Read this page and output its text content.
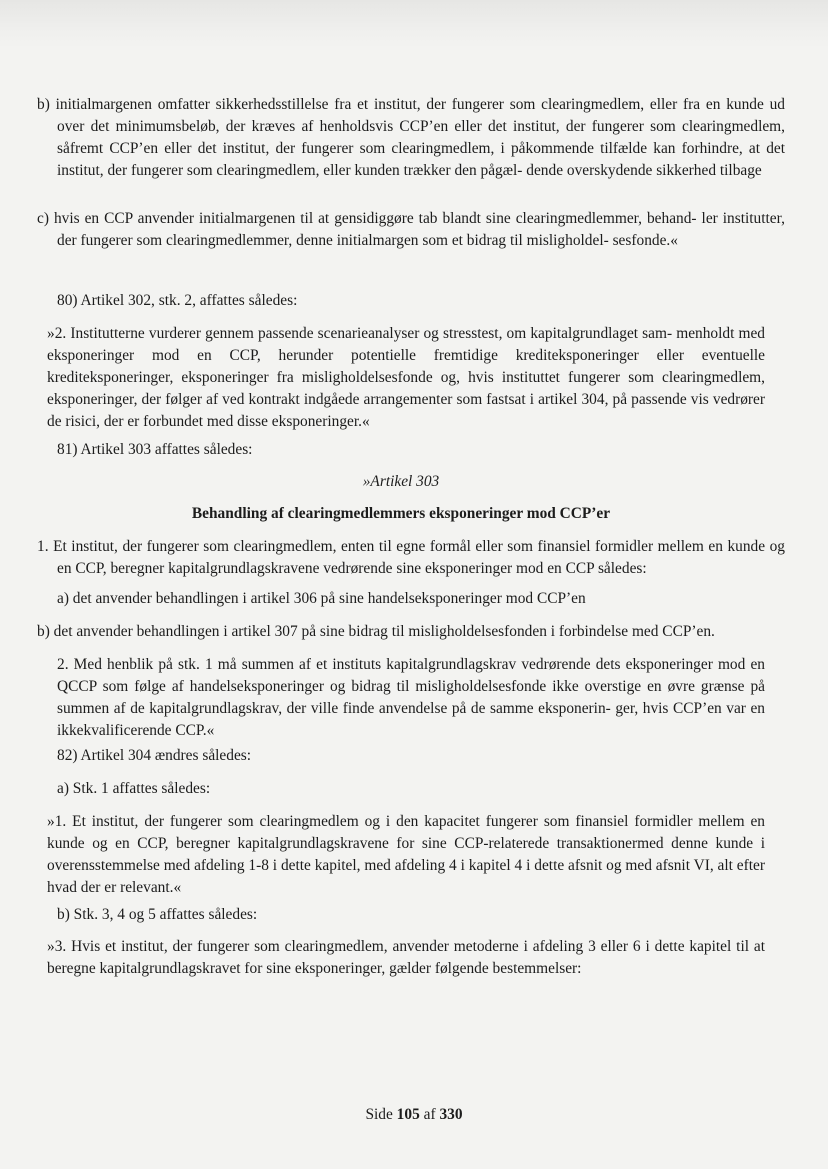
b) initialmargenen omfatter sikkerhedsstillelse fra et institut, der fungerer som clearingmedlem, eller fra en kunde ud over det minimumsbeløb, der kræves af henholdsvis CCP’en eller det institut, der fungerer som clearingmedlem, såfremt CCP’en eller det institut, der fungerer som clearingmedlem, i påkommende tilfælde kan forhindre, at det institut, der fungerer som clearingmedlem, eller kunden trækker den pågæl- dende overskydende sikkerhed tilbage

c) hvis en CCP anvender initialmargenen til at gensidiggøre tab blandt sine clearingmedlemmer, behand- ler institutter, der fungerer som clearingmedlemmer, denne initialmargen som et bidrag til misligholdel- sesfonde.«

80) Artikel 302, stk. 2, affattes således:

»2. Institutterne vurderer gennem passende scenarieanalyser og stresstest, om kapitalgrundlaget sam- menholdt med eksponeringer mod en CCP, herunder potentielle fremtidige krediteksponeringer eller eventuelle krediteksponeringer, eksponeringer fra misligholdelsesfonde og, hvis instituttet fungerer som clearingmedlem, eksponeringer, der følger af ved kontrakt indgåede arrangementer som fastsat i artikel 304, på passende vis vedrører de risici, der er forbundet med disse eksponeringer.«

81) Artikel 303 affattes således:

»Artikel 303

Behandling af clearingmedlemmers eksponeringer mod CCP’er

1. Et institut, der fungerer som clearingmedlem, enten til egne formål eller som finansiel formidler mellem en kunde og en CCP, beregner kapitalgrundlagskravene vedrørende sine eksponeringer mod en CCP således:

a) det anvender behandlingen i artikel 306 på sine handelseksponeringer mod CCP’en

b) det anvender behandlingen i artikel 307 på sine bidrag til misligholdelsesfonden i forbindelse med CCP’en.

2. Med henblik på stk. 1 må summen af et instituts kapitalgrundlagskrav vedrørende dets eksponeringer mod en QCCP som følge af handelseksponeringer og bidrag til misligholdelsesfonde ikke overstige en øvre grænse på summen af de kapitalgrundlagskrav, der ville finde anvendelse på de samme eksponerin- ger, hvis CCP’en var en ikkekvalificerende CCP.«

82) Artikel 304 ændres således:

a) Stk. 1 affattes således:

»1. Et institut, der fungerer som clearingmedlem og i den kapacitet fungerer som finansiel formidler mellem en kunde og en CCP, beregner kapitalgrundlagskravene for sine CCP-relaterede transaktionermed denne kunde i overensstemmelse med afdeling 1-8 i dette kapitel, med afdeling 4 i kapitel 4 i dette afsnit og med afsnit VI, alt efter hvad der er relevant.«

b) Stk. 3, 4 og 5 affattes således:

»3. Hvis et institut, der fungerer som clearingmedlem, anvender metoderne i afdeling 3 eller 6 i dette kapitel til at beregne kapitalgrundlagskravet for sine eksponeringer, gælder følgende bestemmelser:

Side 105 af 330
